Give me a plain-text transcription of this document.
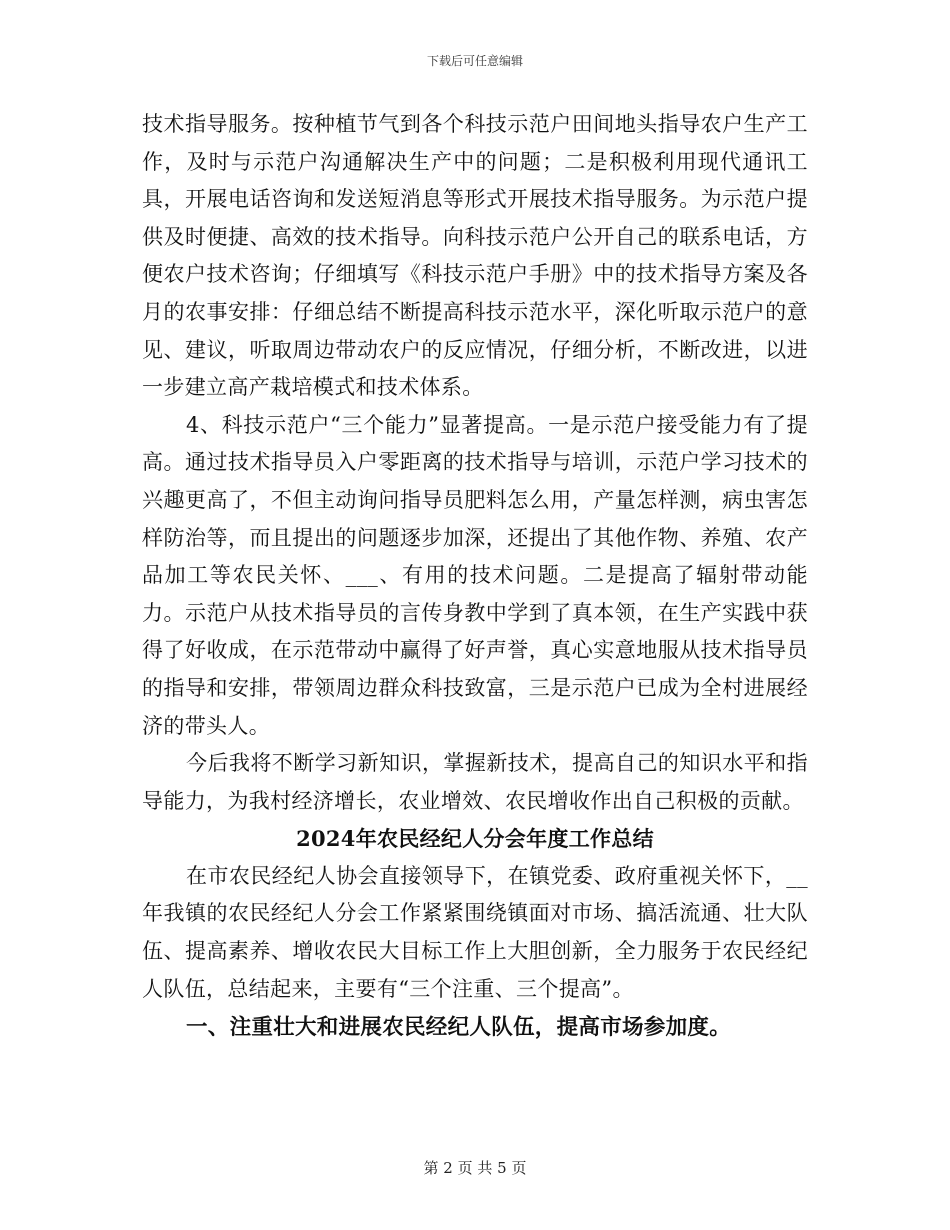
下载后可任意编辑

技术指导服务。按种植节气到各个科技示范户田间地头指导农户生产工作，及时与示范户沟通解决生产中的问题；二是积极利用现代通讯工具，开展电话咨询和发送短消息等形式开展技术指导服务。为示范户提供及时便捷、高效的技术指导。向科技示范户公开自己的联系电话，方便农户技术咨询；仔细填写《科技示范户手册》中的技术指导方案及各月的农事安排：仔细总结不断提高科技示范水平，深化听取示范户的意见、建议，听取周边带动农户的反应情况，仔细分析，不断改进，以进一步建立高产栽培模式和技术体系。

4、科技示范户“三个能力”显著提高。一是示范户接受能力有了提高。通过技术指导员入户零距离的技术指导与培训，示范户学习技术的兴趣更高了，不但主动询问指导员肥料怎么用，产量怎样测，病虫害怎样防治等，而且提出的问题逐步加深，还提出了其他作物、养殖、农产品加工等农民关怀、___、有用的技术问题。二是提高了辐射带动能力。示范户从技术指导员的言传身教中学到了真本领，在生产实践中获得了好收成，在示范带动中赢得了好声誉，真心实意地服从技术指导员的指导和安排，带领周边群众科技致富，三是示范户已成为全村进展经济的带头人。

今后我将不断学习新知识，掌握新技术，提高自己的知识水平和指导能力，为我村经济增长，农业增效、农民增收作出自己积极的贡献。

2024年农民经纪人分会年度工作总结

在市农民经纪人协会直接领导下，在镇党委、政府重视关怀下，__年我镇的农民经纪人分会工作紧紧围绕镇面对市场、搞活流通、壮大队伍、提高素养、增收农民大目标工作上大胆创新，全力服务于农民经纪人队伍，总结起来，主要有“三个注重、三个提高”。

一、注重壮大和进展农民经纪人队伍，提高市场参加度。

第 2 页 共 5 页
